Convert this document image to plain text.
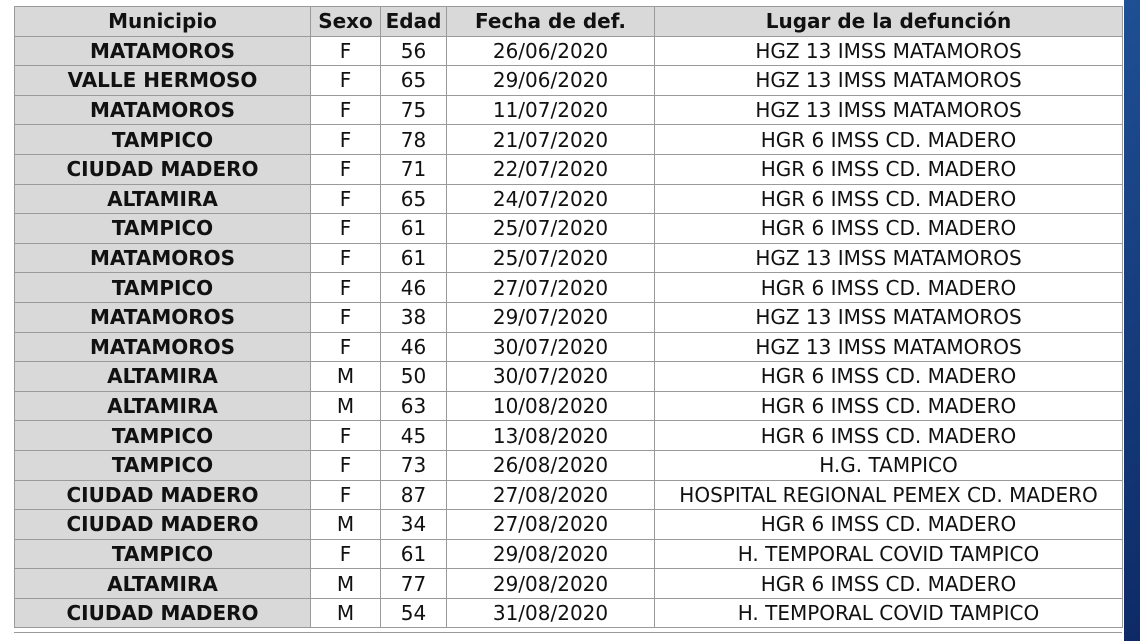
Municipio	Sexo	Edad	Fecha de def.	Lugar de la defunción
MATAMOROS	F	56	26/06/2020	HGZ 13 IMSS MATAMOROS
VALLE HERMOSO	F	65	29/06/2020	HGZ 13 IMSS MATAMOROS
MATAMOROS	F	75	11/07/2020	HGZ 13 IMSS MATAMOROS
TAMPICO	F	78	21/07/2020	HGR 6 IMSS CD. MADERO
CIUDAD MADERO	F	71	22/07/2020	HGR 6 IMSS CD. MADERO
ALTAMIRA	F	65	24/07/2020	HGR 6 IMSS CD. MADERO
TAMPICO	F	61	25/07/2020	HGR 6 IMSS CD. MADERO
MATAMOROS	F	61	25/07/2020	HGZ 13 IMSS MATAMOROS
TAMPICO	F	46	27/07/2020	HGR 6 IMSS CD. MADERO
MATAMOROS	F	38	29/07/2020	HGZ 13 IMSS MATAMOROS
MATAMOROS	F	46	30/07/2020	HGZ 13 IMSS MATAMOROS
ALTAMIRA	M	50	30/07/2020	HGR 6 IMSS CD. MADERO
ALTAMIRA	M	63	10/08/2020	HGR 6 IMSS CD. MADERO
TAMPICO	F	45	13/08/2020	HGR 6 IMSS CD. MADERO
TAMPICO	F	73	26/08/2020	H.G. TAMPICO
CIUDAD MADERO	F	87	27/08/2020	HOSPITAL REGIONAL PEMEX CD. MADERO
CIUDAD MADERO	M	34	27/08/2020	HGR 6 IMSS CD. MADERO
TAMPICO	F	61	29/08/2020	H. TEMPORAL COVID TAMPICO
ALTAMIRA	M	77	29/08/2020	HGR 6 IMSS CD. MADERO
CIUDAD MADERO	M	54	31/08/2020	H. TEMPORAL COVID TAMPICO
